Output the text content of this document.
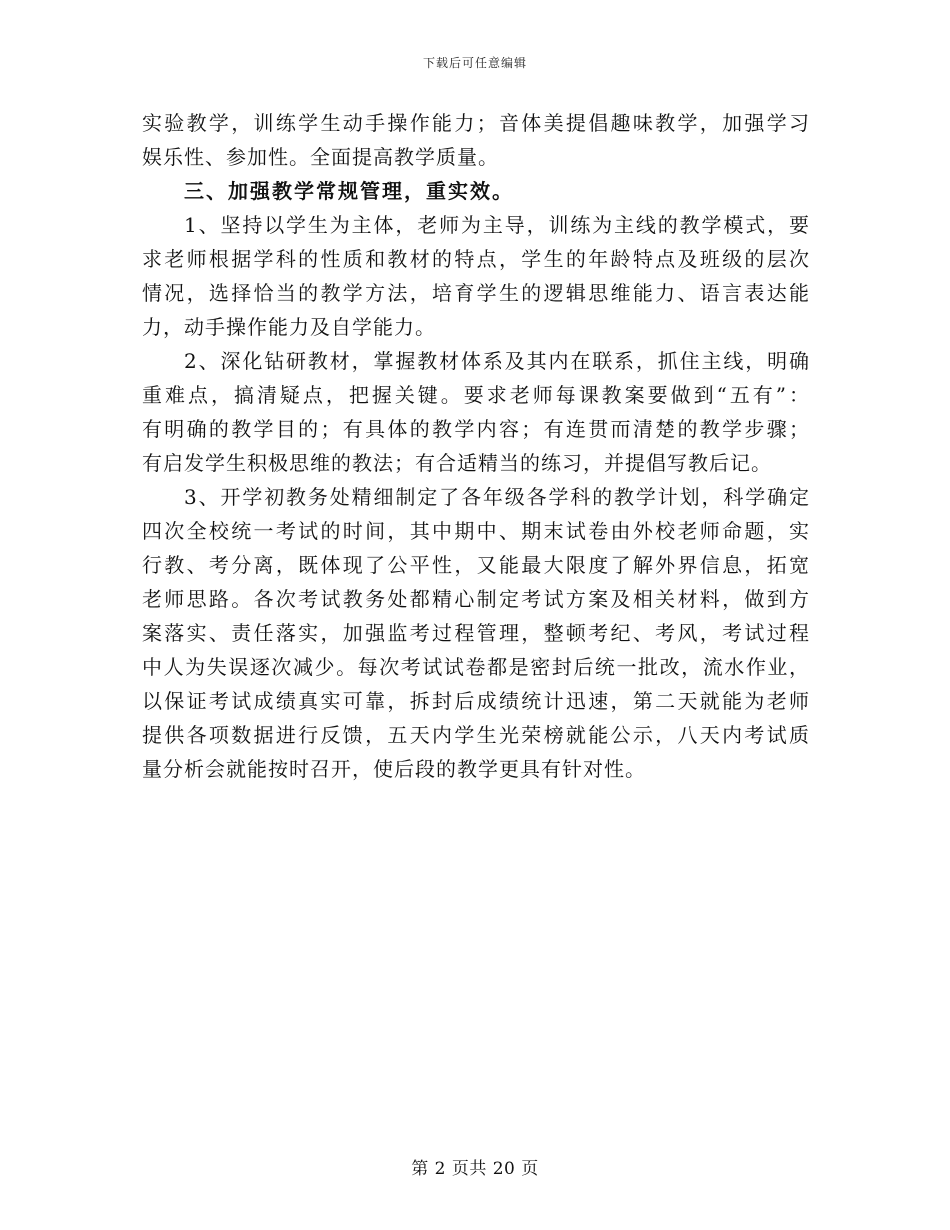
下载后可任意编辑
实验教学，训练学生动手操作能力；音体美提倡趣味教学，加强学习
娱乐性、参加性。全面提高教学质量。
三、加强教学常规管理，重实效。
1、坚持以学生为主体，老师为主导，训练为主线的教学模式，要
求老师根据学科的性质和教材的特点，学生的年龄特点及班级的层次
情况，选择恰当的教学方法，培育学生的逻辑思维能力、语言表达能
力，动手操作能力及自学能力。
2、深化钻研教材，掌握教材体系及其内在联系，抓住主线，明确
重难点，搞清疑点，把握关键。要求老师每课教案要做到“五有”：
有明确的教学目的；有具体的教学内容；有连贯而清楚的教学步骤；
有启发学生积极思维的教法；有合适精当的练习，并提倡写教后记。
3、开学初教务处精细制定了各年级各学科的教学计划，科学确定
四次全校统一考试的时间，其中期中、期末试卷由外校老师命题，实
行教、考分离，既体现了公平性，又能最大限度了解外界信息，拓宽
老师思路。各次考试教务处都精心制定考试方案及相关材料，做到方
案落实、责任落实，加强监考过程管理，整顿考纪、考风，考试过程
中人为失误逐次减少。每次考试试卷都是密封后统一批改，流水作业，
以保证考试成绩真实可靠，拆封后成绩统计迅速，第二天就能为老师
提供各项数据进行反馈，五天内学生光荣榜就能公示，八天内考试质
量分析会就能按时召开，使后段的教学更具有针对性。
第 2 页共 20 页
